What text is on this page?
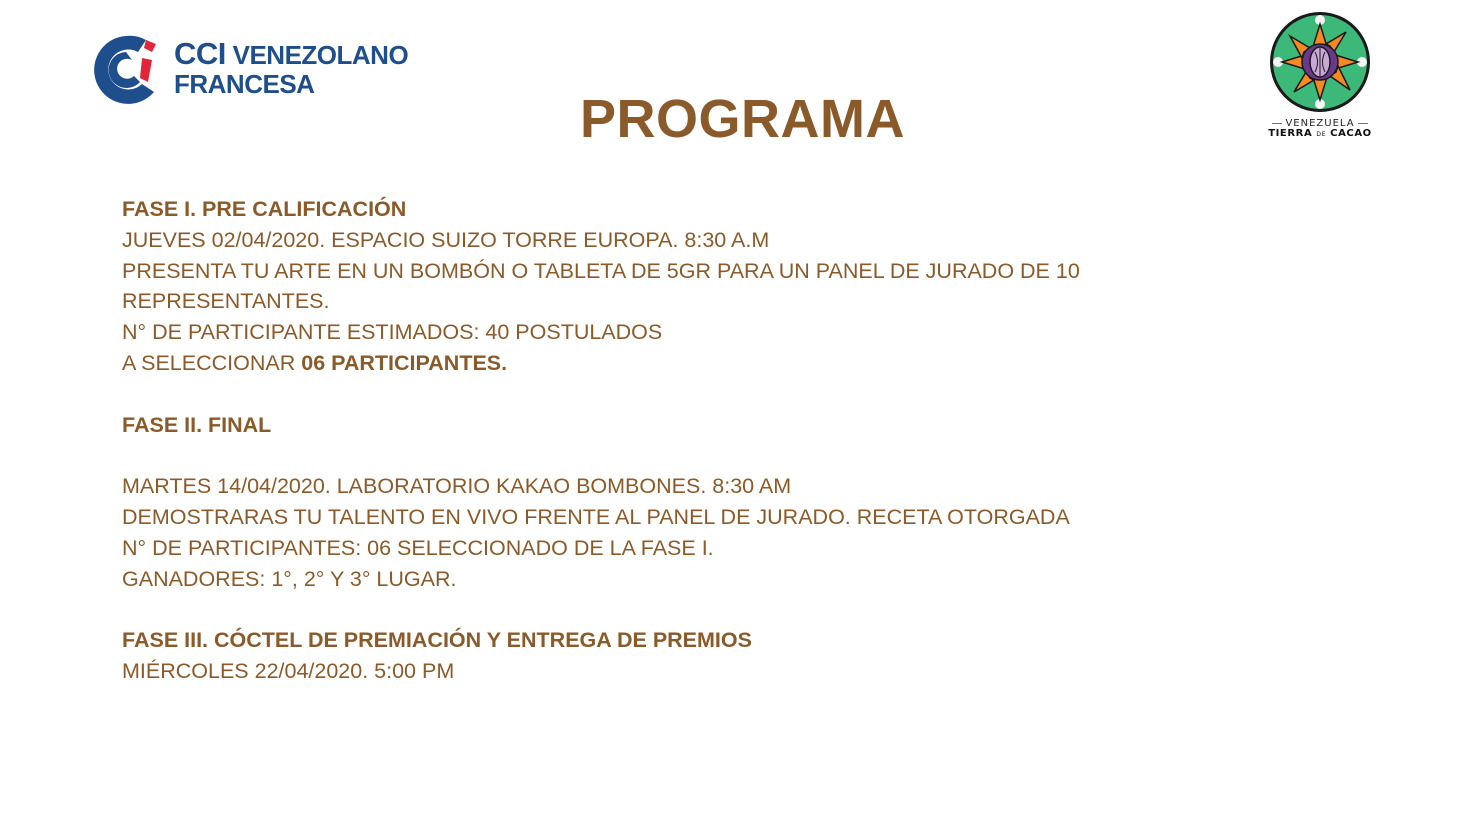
CCI VENEZOLANO
FRANCESA
PROGRAMA	VENEZUELA
TIERRA DE CACAO
FASE I. PRE CALIFICACIÓN
JUEVES 02/04/2020. ESPACIO SUIZO TORRE EUROPA. 8:30 A.M
PRESENTA TU ARTE EN UN BOMBÓN O TABLETA DE 5GR PARA UN PANEL DE JURADO DE 10
REPRESENTANTES.
N° DE PARTICIPANTE ESTIMADOS: 40 POSTULADOS
A SELECCIONAR 06 PARTICIPANTES.
FASE II. FINAL
MARTES 14/04/2020. LABORATORIO KAKAO BOMBONES. 8:30 AM
DEMOSTRARAS TU TALENTO EN VIVO FRENTE AL PANEL DE JURADO. RECETA OTORGADA
N° DE PARTICIPANTES: 06 SELECCIONADO DE LA FASE I.
GANADORES: 1°, 2° Y 3° LUGAR.
FASE III. CÓCTEL DE PREMIACIÓN Y ENTREGA DE PREMIOS
MIÉRCOLES 22/04/2020. 5:00 PM
